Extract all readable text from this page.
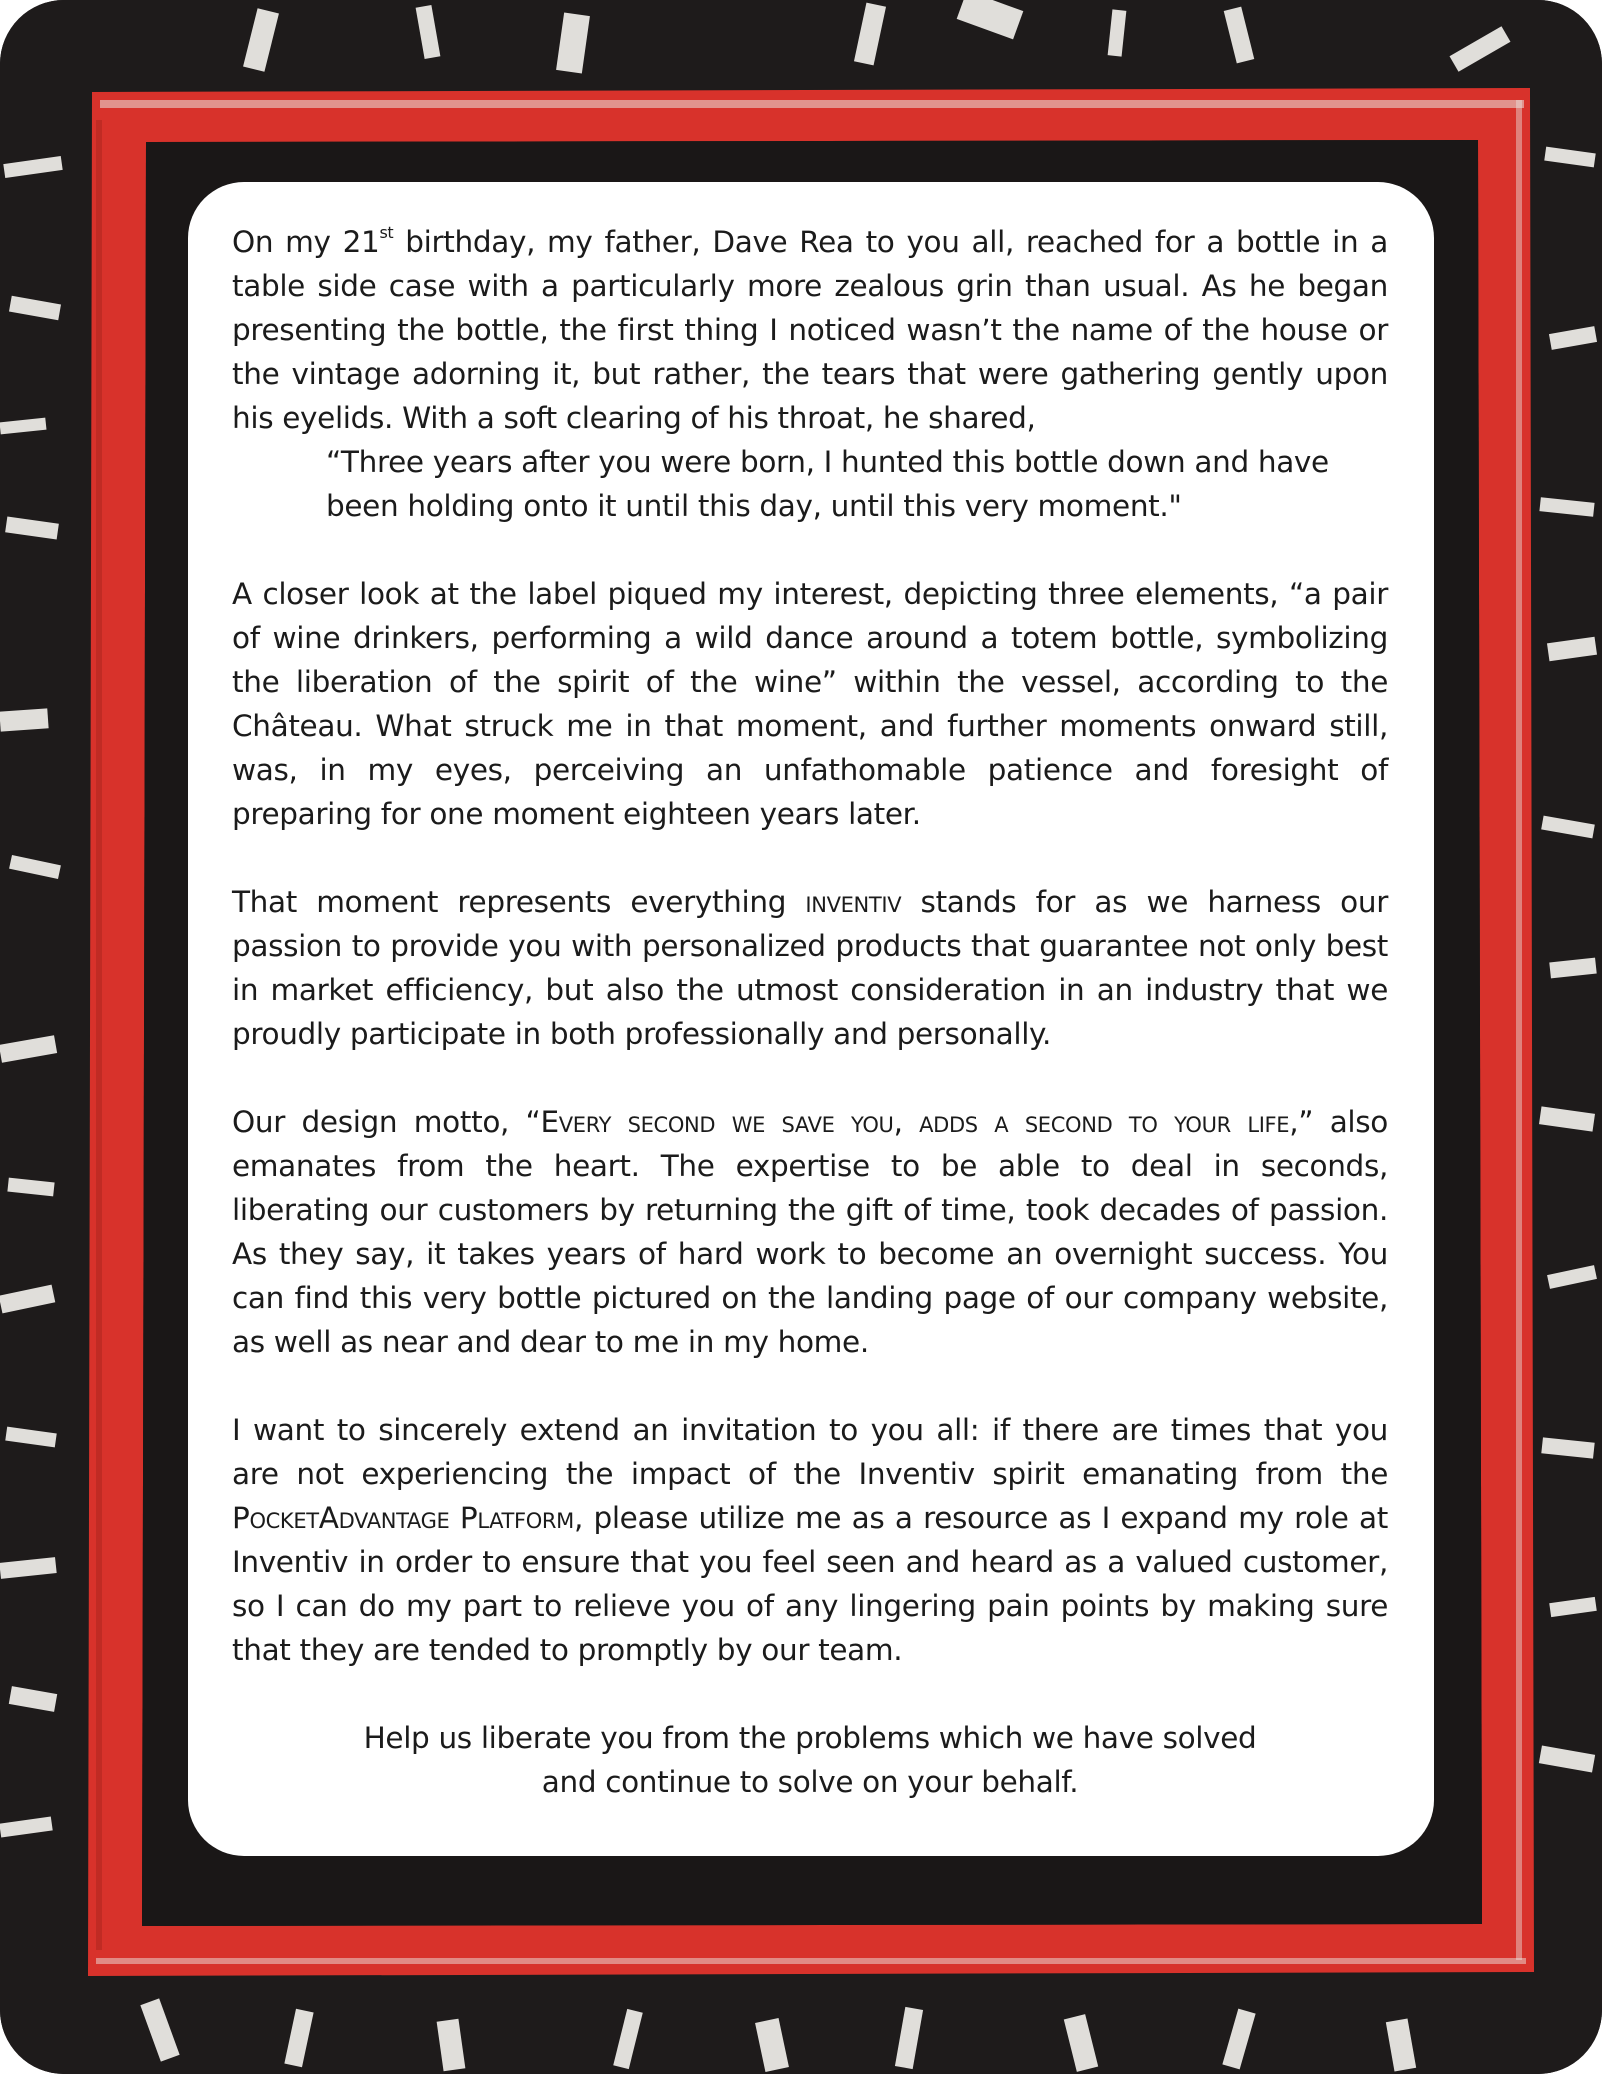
On my 21st birthday, my father, Dave Rea to you all, reached for a bottle in a table side case with a particularly more zealous grin than usual. As he began presenting the bottle, the first thing I noticed wasn’t the name of the house or the vintage adorning it, but rather, the tears that were gathering gently upon his eyelids. With a soft clearing of his throat, he shared,

“Three years after you were born, I hunted this bottle down and have been holding onto it until this day, until this very moment."

A closer look at the label piqued my interest, depicting three elements, “a pair of wine drinkers, performing a wild dance around a totem bottle, symbolizing the liberation of the spirit of the wine” within the vessel, according to the Château. What struck me in that moment, and further moments onward still, was, in my eyes, perceiving an unfathomable patience and foresight of preparing for one moment eighteen years later.

That moment represents everything inventiv stands for as we harness our passion to provide you with personalized products that guarantee not only best in market efficiency, but also the utmost consideration in an industry that we proudly participate in both professionally and personally.

Our design motto, “Every second we save you, adds a second to your life,” also emanates from the heart. The expertise to be able to deal in seconds, liberating our customers by returning the gift of time, took decades of passion. As they say, it takes years of hard work to become an overnight success. You can find this very bottle pictured on the landing page of our company website, as well as near and dear to me in my home.

I want to sincerely extend an invitation to you all: if there are times that you are not experiencing the impact of the Inventiv spirit emanating from the PocketAdvantage Platform, please utilize me as a resource as I expand my role at Inventiv in order to ensure that you feel seen and heard as a valued customer, so I can do my part to relieve you of any lingering pain points by making sure that they are tended to promptly by our team.

Help us liberate you from the problems which we have solved
and continue to solve on your behalf.
